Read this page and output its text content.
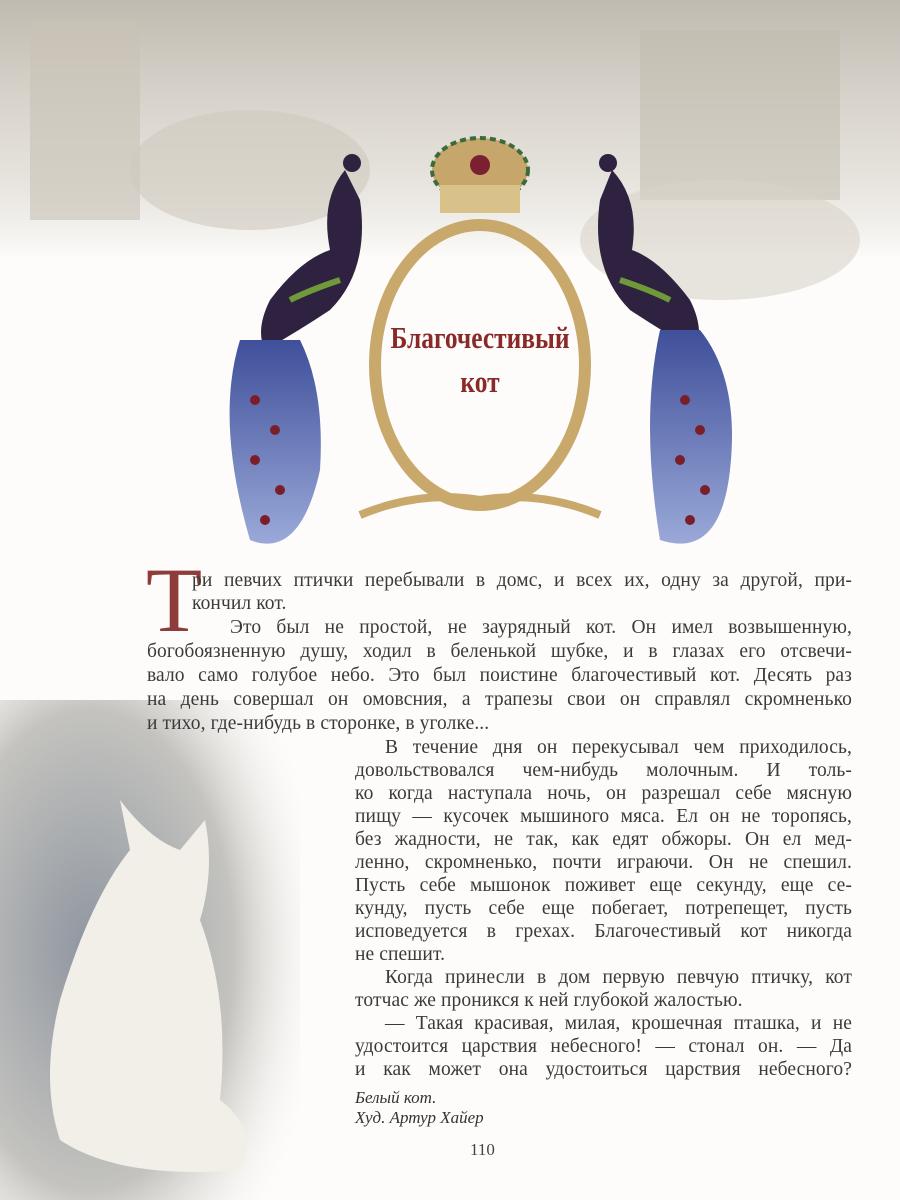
Благочестивый
кот
Т
ри певчих птички перебывали в домс, и всех их, одну за другой, при-
кончил кот.
Это был не простой, не заурядный кот. Он имел возвышенную,
богобоязненную душу, ходил в беленькой шубке, и в глазах его отсвечи-
вало само голубое небо. Это был поистине благочестивый кот. Десять раз
на день совершал он омовсния, а трапезы свои он справлял скромненько
и тихо, где-нибудь в сторонке, в уголке...
В течение дня он перекусывал чем приходилось,
довольствовался чем-нибудь молочным. И толь-
ко когда наступала ночь, он разрешал себе мясную
пищу — кусочек мышиного мяса. Ел он не торопясь,
без жадности, не так, как едят обжоры. Он ел мед-
ленно, скромненько, почти играючи. Он не спешил.
Пусть себе мышонок поживет еще секунду, еще се-
кунду, пусть себе еще побегает, потрепещет, пусть
исповедуется в грехах. Благочестивый кот никогда
не спешит.
Когда принесли в дом первую певчую птичку, кот
тотчас же проникся к ней глубокой жалостью.
— Такая красивая, милая, крошечная пташка, и не
удостоится царствия небесного! — стонал он. — Да
и как может она удостоиться царствия небесного?
Белый кот.
Худ. Артур Хайер
110
